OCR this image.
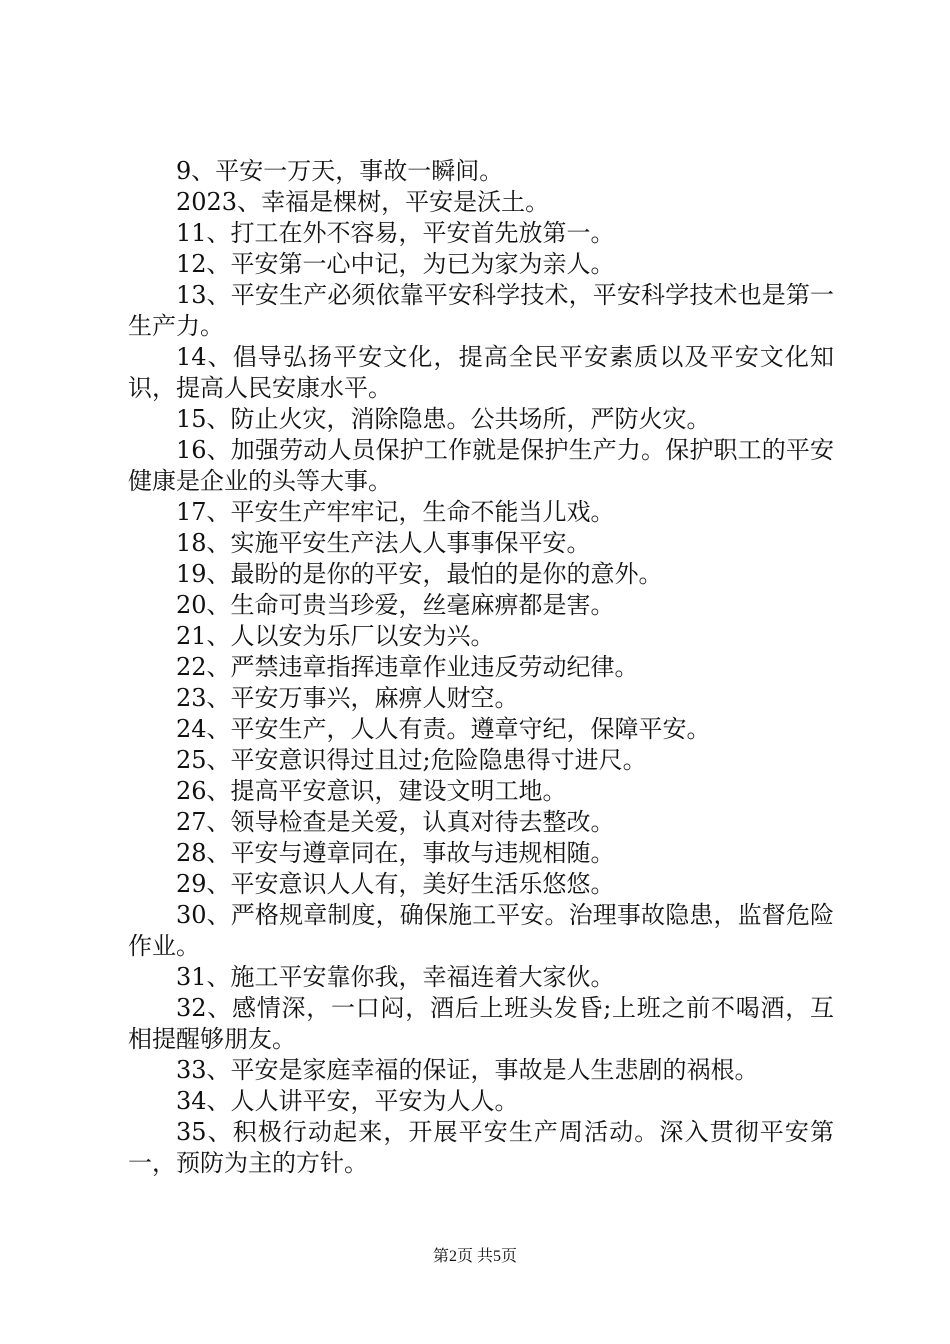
9、平安一万天，事故一瞬间。

2023、幸福是棵树，平安是沃土。

11、打工在外不容易，平安首先放第一。

12、平安第一心中记，为已为家为亲人。

13、平安生产必须依靠平安科学技术，平安科学技术也是第一生产力。

14、倡导弘扬平安文化，提高全民平安素质以及平安文化知识，提高人民安康水平。

15、防止火灾，消除隐患。公共场所，严防火灾。

16、加强劳动人员保护工作就是保护生产力。保护职工的平安健康是企业的头等大事。

17、平安生产牢牢记，生命不能当儿戏。

18、实施平安生产法人人事事保平安。

19、最盼的是你的平安，最怕的是你的意外。

20、生命可贵当珍爱，丝毫麻痹都是害。

21、人以安为乐厂以安为兴。

22、严禁违章指挥违章作业违反劳动纪律。

23、平安万事兴，麻痹人财空。

24、平安生产，人人有责。遵章守纪，保障平安。

25、平安意识得过且过;危险隐患得寸进尺。

26、提高平安意识，建设文明工地。

27、领导检查是关爱，认真对待去整改。

28、平安与遵章同在，事故与违规相随。

29、平安意识人人有，美好生活乐悠悠。

30、严格规章制度，确保施工平安。治理事故隐患，监督危险作业。

31、施工平安靠你我，幸福连着大家伙。

32、感情深，一口闷，酒后上班头发昏;上班之前不喝酒，互相提醒够朋友。

33、平安是家庭幸福的保证，事故是人生悲剧的祸根。

34、人人讲平安，平安为人人。

35、积极行动起来，开展平安生产周活动。深入贯彻平安第一，预防为主的方针。

第2页 共5页
